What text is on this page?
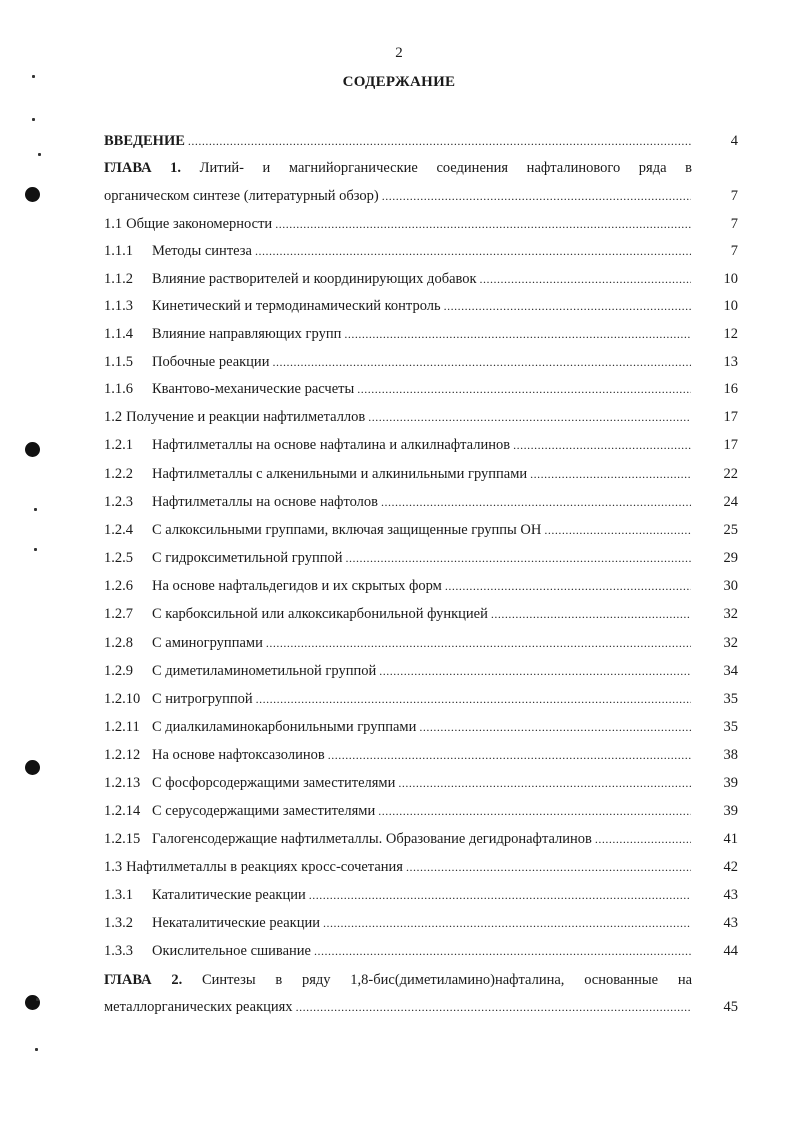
2
СОДЕРЖАНИЕ
ВВЕДЕНИЕ .....	4
ГЛАВА 1. Литий- и магнийорганические соединения нафталинового ряда в
органическом синтезе (литературный обзор) .....	7
1.1 Общие закономерности .....	7
1.1.1	Методы синтеза .....	7
1.1.2	Влияние растворителей и координирующих добавок .....	10
1.1.3	Кинетический и термодинамический контроль .....	10
1.1.4	Влияние направляющих групп .....	12
1.1.5	Побочные реакции .....	13
1.1.6	Квантово-механические расчеты .....	16
1.2 Получение и реакции нафтилметаллов .....	17
1.2.1	Нафтилметаллы на основе нафталина и алкилнафталинов .....	17
1.2.2	Нафтилметаллы с алкенильными и алкинильными группами .....	22
1.2.3	Нафтилметаллы на основе нафтолов .....	24
1.2.4	С алкоксильными группами, включая защищенные группы ОН .....	25
1.2.5	С гидроксиметильной группой .....	29
1.2.6	На основе нафтальдегидов и их скрытых форм .....	30
1.2.7	С карбоксильной или алкоксикарбонильной функцией .....	32
1.2.8	С аминогруппами .....	32
1.2.9	С диметиламинометильной группой .....	34
1.2.10 С нитрогруппой .....	35
1.2.11 С диалкиламинокарбонильными группами .....	35
1.2.12 На основе нафтоксазолинов .....	38
1.2.13 С фосфорсодержащими заместителями .....	39
1.2.14 С серусодержащими заместителями .....	39
1.2.15 Галогенсодержащие нафтилметаллы. Образование дегидронафталинов .....	41
1.3 Нафтилметаллы в реакциях кросс-сочетания .....	42
1.3.1	Каталитические реакции .....	43
1.3.2	Некаталитические реакции .....	43
1.3.3	Окислительное сшивание .....	44
ГЛАВА 2. Синтезы в ряду 1,8-бис(диметиламино)нафталина, основанные на
металлорганических реакциях .....	45
